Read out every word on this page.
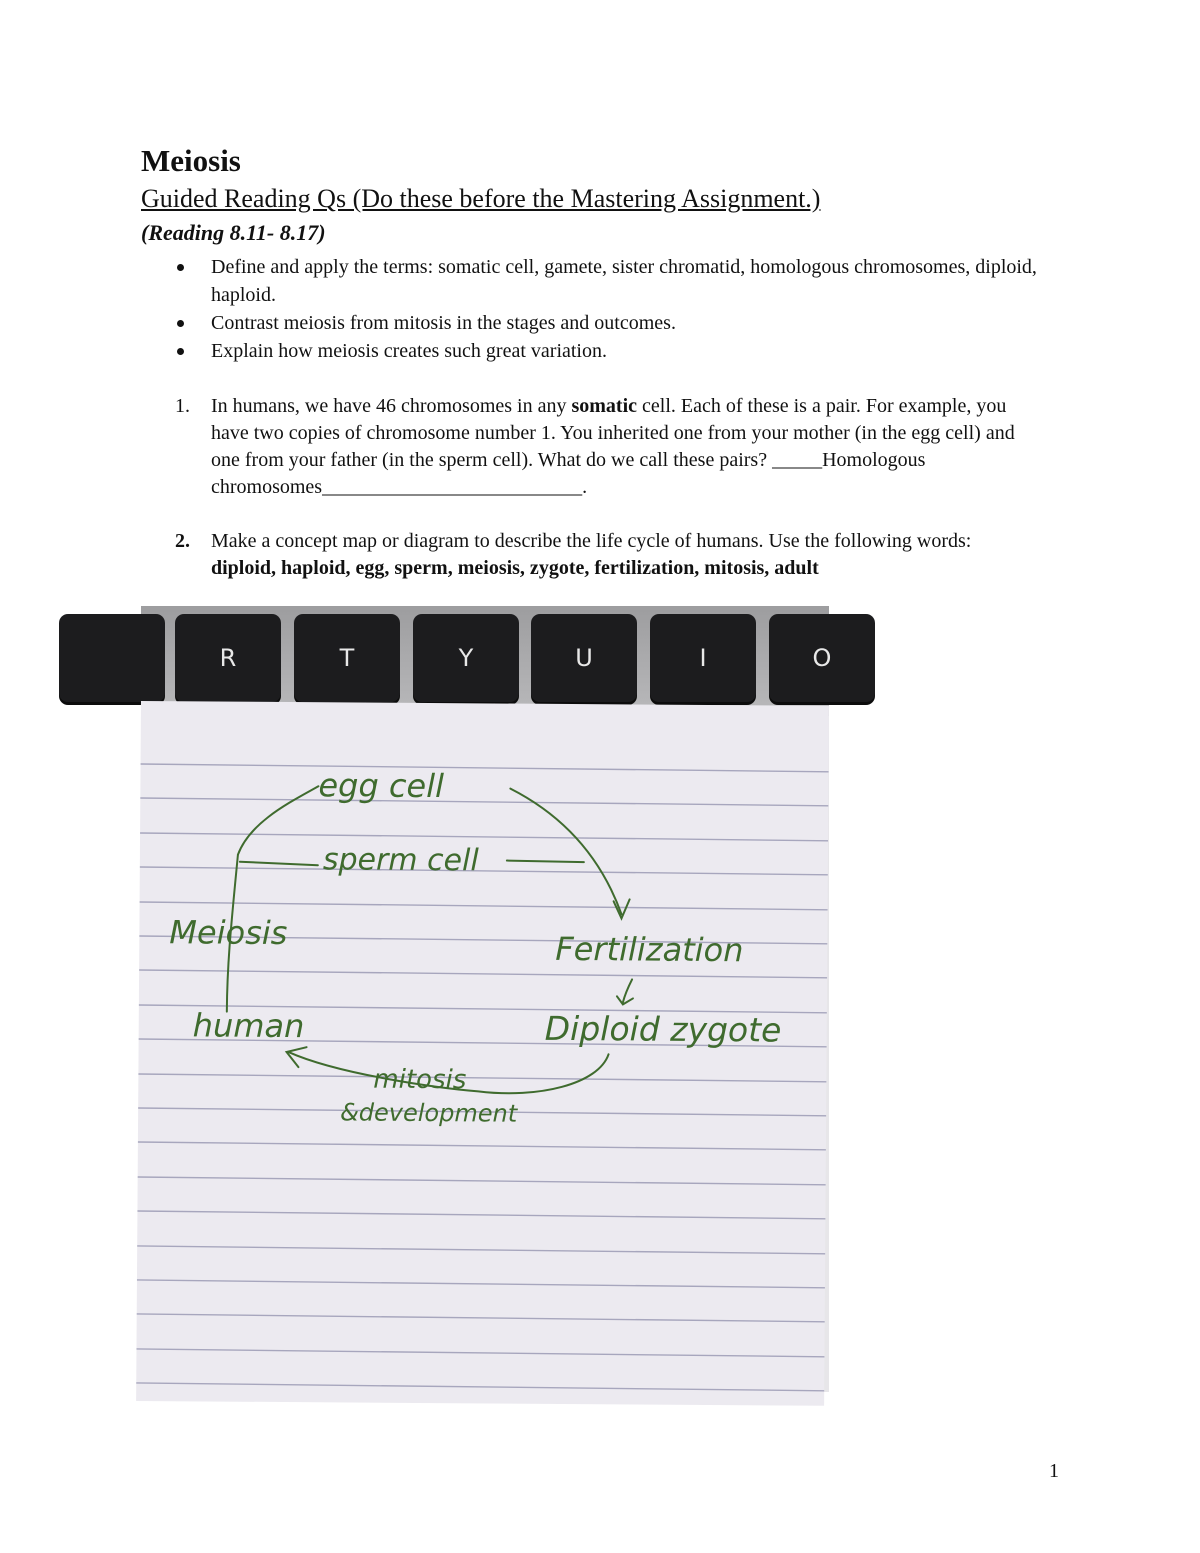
Meiosis
Guided Reading Qs (Do these before the Mastering Assignment.)
(Reading 8.11- 8.17)
Define and apply the terms: somatic cell, gamete, sister chromatid, homologous chromosomes, diploid, haploid.
Contrast meiosis from mitosis in the stages and outcomes.
Explain how meiosis creates such great variation.
1. In humans, we have 46 chromosomes in any somatic cell. Each of these is a pair. For example, you have two copies of chromosome number 1. You inherited one from your mother (in the egg cell) and one from your father (in the sperm cell). What do we call these pairs? _____Homologous chromosomes__________________________.
2. Make a concept map or diagram to describe the life cycle of humans. Use the following words: diploid, haploid, egg, sperm, meiosis, zygote, fertilization, mitosis, adult
R	T	Y	U	I	O
egg cell
sperm cell
Meiosis	Fertilization
Diploid zygote
human
mitosis
&development
1
